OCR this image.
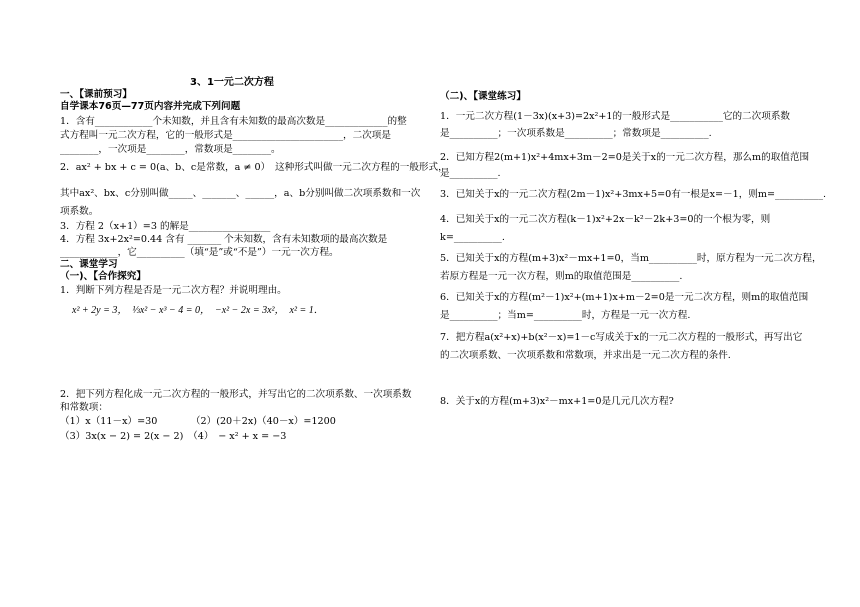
3、1一元二次方程
一、【课前预习】
自学课本76页—77页内容并完成下列问题
1．含有____________个未知数，并且含有未知数的最高次数是_____________的整
式方程叫一元二次方程，它的一般形式是_______________________，二次项是
________，一次项是________，常数项是________。
2．ax² + bx + c = 0(a、b、c是常数，a ≠ 0）　这种形式叫做一元二次方程的一般形式，
其中ax²、bx、c分别叫做_____、_______、______，a、b分别叫做二次项系数和一次
项系数。
3．方程 2（x+1）=3 的解是_________________
4．方程 3x+2x²=0.44 含有 _______ 个未知数，含有未知数项的最高次数是
____________，它__________（填“是”或“不是”）一元一次方程。
二、课堂学习
（一)、【合作探究】
1．判断下列方程是否是一元二次方程？并说明理由。
x² + 2y = 3，　⅓x² − x³ − 4 = 0，　−x² − 2x = 3x²，　x² = 1．
2．把下列方程化成一元二次方程的一般形式，并写出它的二次项系数、一次项系数
和常数项：
（1）x（11－x）=30　　　　（2）(20＋2x)（40－x）=1200
（3）3x(x − 2) = 2(x − 2)　（4）　− x² + x = −3
（二)、【课堂练习】
1．一元二次方程(1－3x)(x+3)=2x²+1的一般形式是___________它的二次项系数
是__________；一次项系数是__________；常数项是__________.
2．已知方程2(m+1)x²+4mx+3m－2=0是关于x的一元二次方程，那么m的取值范围
是__________.
3．已知关于x的一元二次方程(2m－1)x²+3mx+5=0有一根是x=－1，则m=__________.
4．已知关于x的一元二次方程(k－1)x²+2x－k²－2k+3=0的一个根为零，则
k=__________.
5．已知关于x的方程(m+3)x²－mx+1=0，当m__________时，原方程为一元二次方程，
若原方程是一元一次方程，则m的取值范围是__________.
6．已知关于x的方程(m²－1)x²+(m+1)x+m－2=0是一元二次方程，则m的取值范围
是__________；当m=__________时，方程是一元一次方程.
7．把方程a(x²+x)+b(x²－x)=1－c写成关于x的一元二次方程的一般形式，再写出它
的二次项系数、一次项系数和常数项，并求出是一元二次方程的条件.
8．关于x的方程(m+3)x²－mx+1=0是几元几次方程?
